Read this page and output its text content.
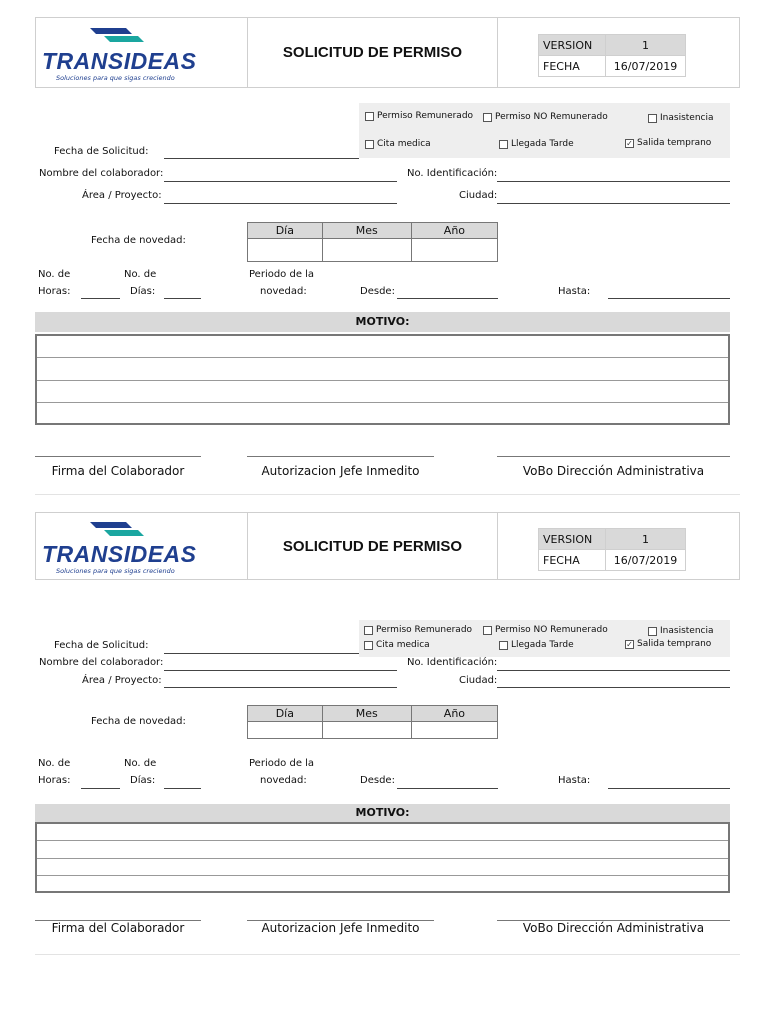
TRANSIDEAS
Soluciones para que sigas creciendo
SOLICITUD DE PERMISO	VERSION	1
FECHA	16/07/2019
Permiso Remunerado Permiso NO Remunerado	Inasistencia
Cita medica	Llegada Tarde	✓ Salida temprano
Fecha de Solicitud:
Nombre del colaborador:	No. Identificación:
Área / Proyecto:	Ciudad:
Fecha de novedad:
Día	Mes	Año

No. de
Horas:
No. de
Días:
Periodo de la
novedad:	Desde:	Hasta:
MOTIVO:
Firma del Colaborador	Autorizacion Jefe Inmedito	VoBo Dirección Administrativa
TRANSIDEAS
Soluciones para que sigas creciendo
SOLICITUD DE PERMISO	VERSION	1
FECHA	16/07/2019
Permiso Remunerado	Permiso NO Remunerado	Inasistencia
Cita medica	Llegada Tarde	✓ Salida temprano
Fecha de Solicitud:
Nombre del colaborador:	No. Identificación:
Área / Proyecto:	Ciudad:
Fecha de novedad:
Día	Mes	Año

No. de
Horas:
No. de
Días:
Periodo de la
novedad:	Desde:	Hasta:
MOTIVO:
Firma del Colaborador	Autorizacion Jefe Inmedito	VoBo Dirección Administrativa
